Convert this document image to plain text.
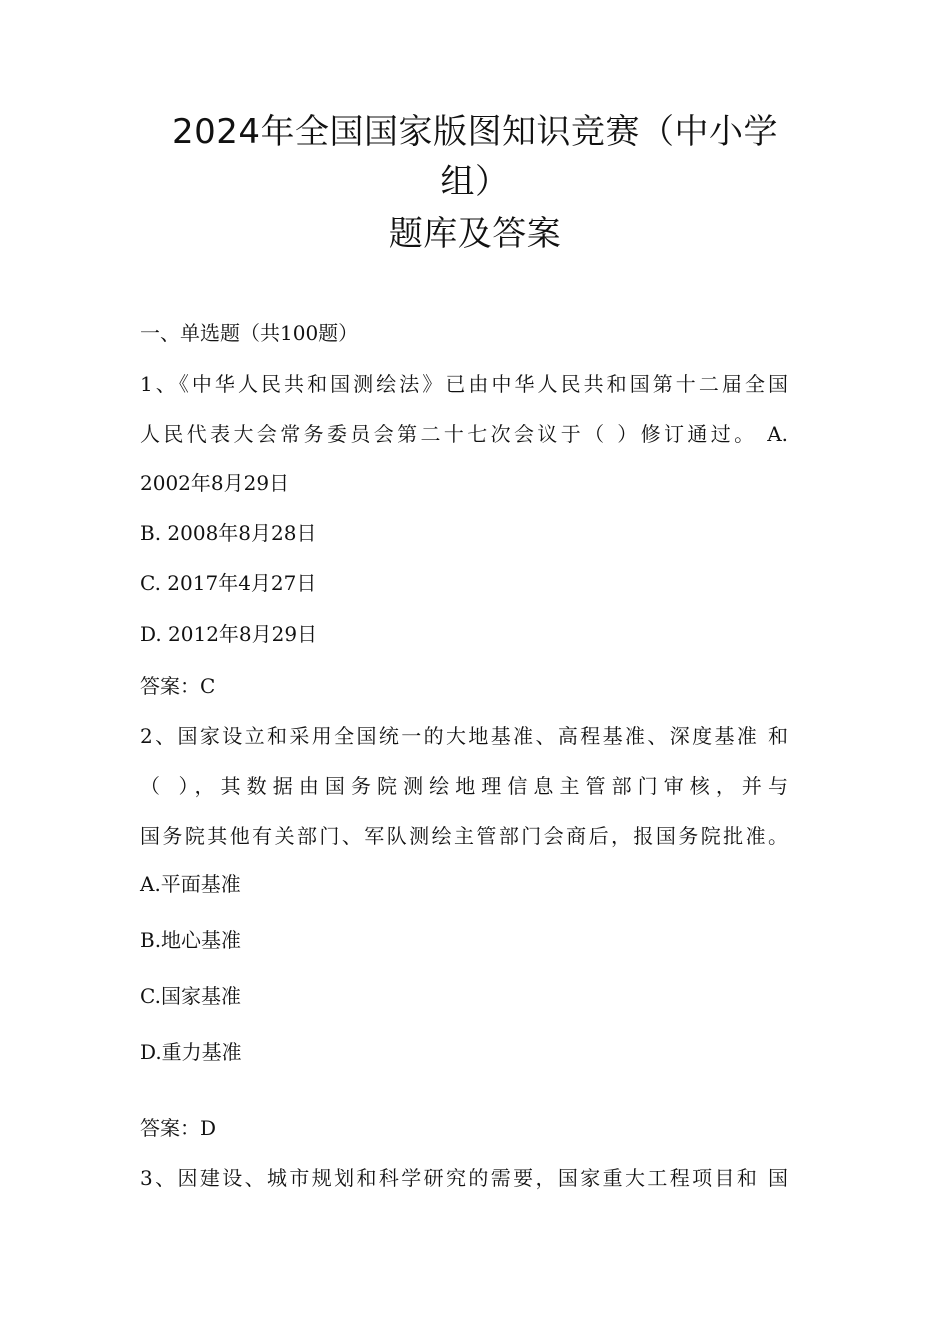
2024年全国国家版图知识竞赛（中小学
组）
题库及答案
一、单选题（共100题）
1、《中华人民共和国测绘法》已由中华人民共和国第十二届全国
人民代表大会常务委员会第二十七次会议于（ ）修订通过。 A.
2002年8月29日
B. 2008年8月28日
C. 2017年4月27日
D. 2012年8月29日
答案：C
2、国家设立和采用全国统一的大地基准、高程基准、深度基准 和
（ ），其数据由国务院测绘地理信息主管部门审核，并与
国务院其他有关部门、军队测绘主管部门会商后，报国务院批准。
A.平面基准
B.地心基准
C.国家基准
D.重力基准
答案：D
3、因建设、城市规划和科学研究的需要，国家重大工程项目和 国
